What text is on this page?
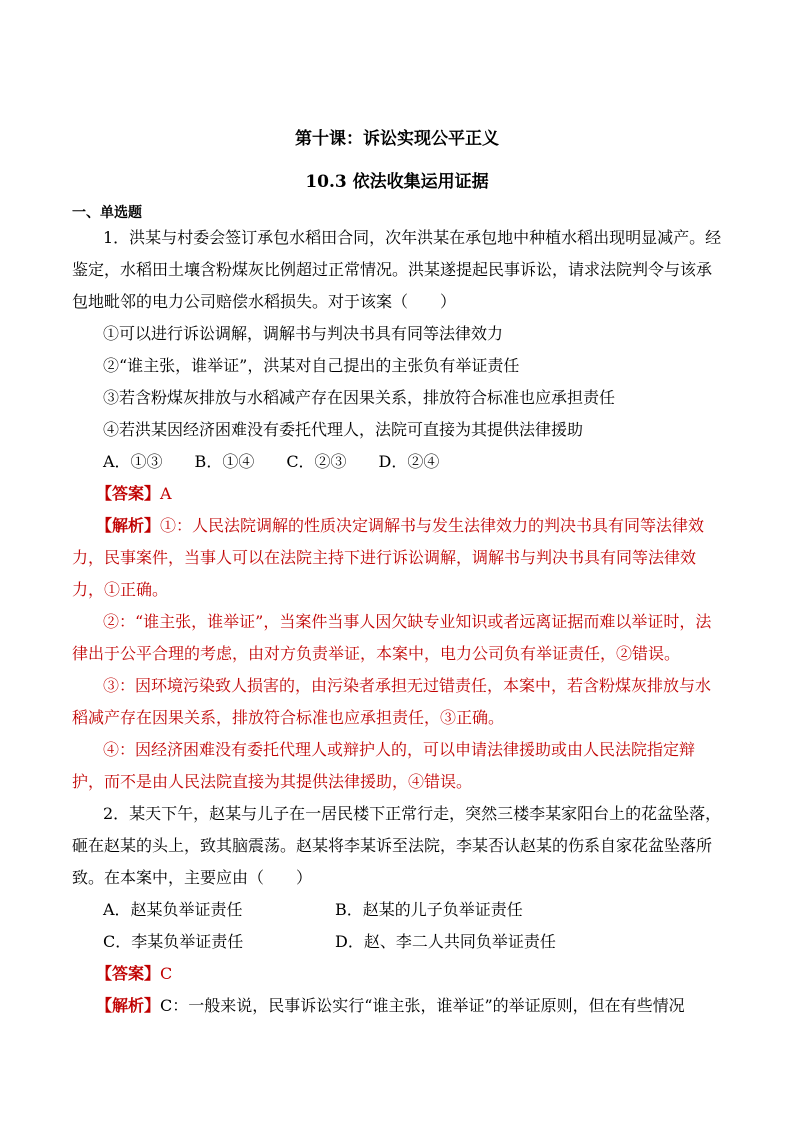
第十课：诉讼实现公平正义
10.3 依法收集运用证据
一、单选题
1．洪某与村委会签订承包水稻田合同，次年洪某在承包地中种植水稻出现明显减产。经
鉴定，水稻田土壤含粉煤灰比例超过正常情况。洪某遂提起民事诉讼，请求法院判令与该承
包地毗邻的电力公司赔偿水稻损失。对于该案（　　）
①可以进行诉讼调解，调解书与判决书具有同等法律效力
②“谁主张，谁举证”，洪某对自己提出的主张负有举证责任
③若含粉煤灰排放与水稻减产存在因果关系，排放符合标准也应承担责任
④若洪某因经济困难没有委托代理人，法院可直接为其提供法律援助
A．①③　　B．①④　　C．②③　　D．②④
【答案】A
【解析】①：人民法院调解的性质决定调解书与发生法律效力的判决书具有同等法律效
力，民事案件，当事人可以在法院主持下进行诉讼调解，调解书与判决书具有同等法律效
力，①正确。
②：“谁主张，谁举证”，当案件当事人因欠缺专业知识或者远离证据而难以举证时，法
律出于公平合理的考虑，由对方负责举证，本案中，电力公司负有举证责任，②错误。
③：因环境污染致人损害的，由污染者承担无过错责任，本案中，若含粉煤灰排放与水
稻减产存在因果关系，排放符合标准也应承担责任，③正确。
④：因经济困难没有委托代理人或辩护人的，可以申请法律援助或由人民法院指定辩
护，而不是由人民法院直接为其提供法律援助，④错误。
2．某天下午，赵某与儿子在一居民楼下正常行走，突然三楼李某家阳台上的花盆坠落，
砸在赵某的头上，致其脑震荡。赵某将李某诉至法院，李某否认赵某的伤系自家花盆坠落所
致。在本案中，主要应由（　　）
A．赵某负举证责任	B．赵某的儿子负举证责任
C．李某负举证责任	D．赵、李二人共同负举证责任
【答案】C
【解析】C：一般来说，民事诉讼实行“谁主张，谁举证”的举证原则，但在有些情况
